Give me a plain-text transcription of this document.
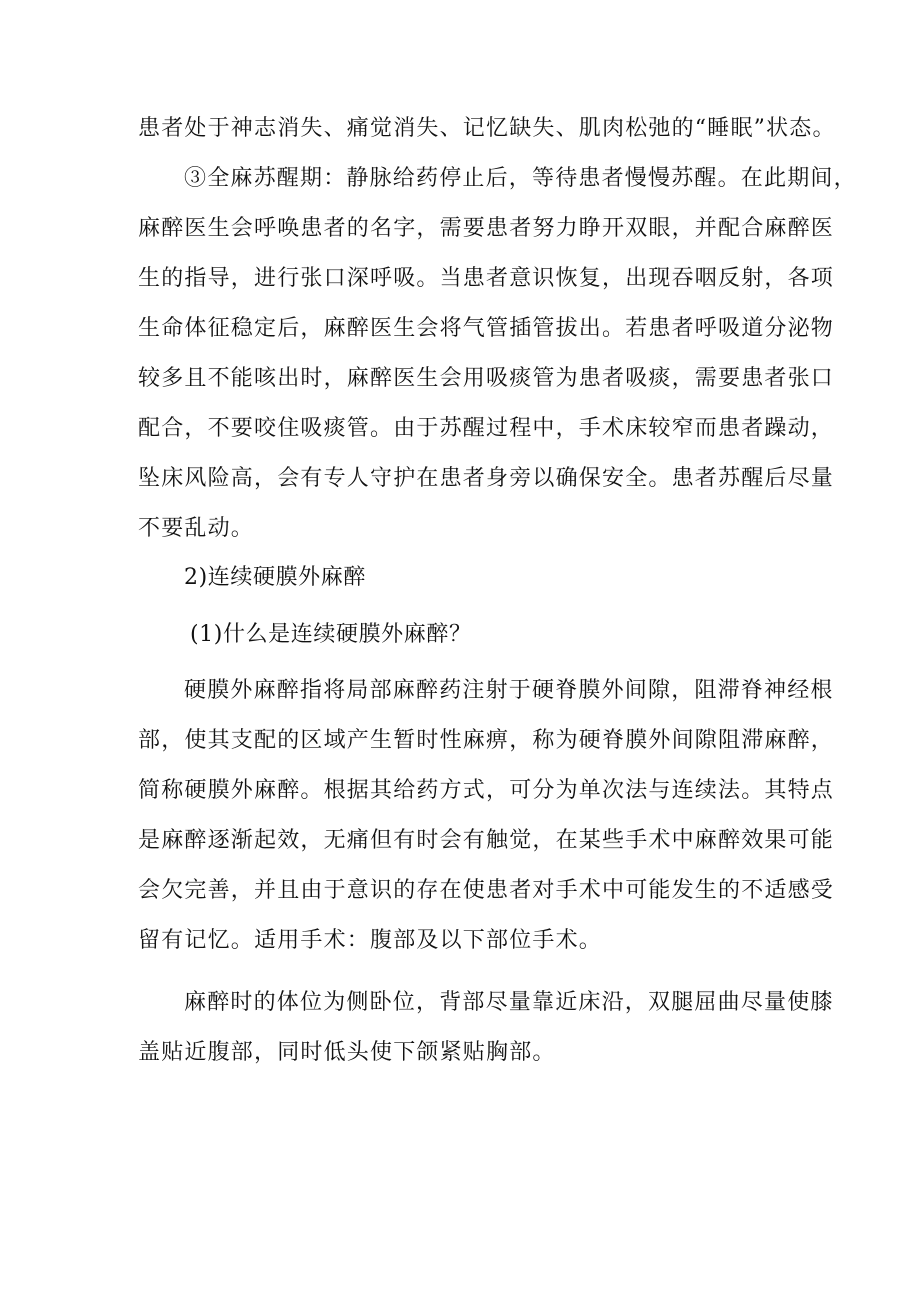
患者处于神志消失、痛觉消失、记忆缺失、肌肉松弛的“睡眠”状态。
③全麻苏醒期：静脉给药停止后，等待患者慢慢苏醒。在此期间，
麻醉医生会呼唤患者的名字，需要患者努力睁开双眼，并配合麻醉医
生的指导，进行张口深呼吸。当患者意识恢复，出现吞咽反射，各项
生命体征稳定后，麻醉医生会将气管插管拔出。若患者呼吸道分泌物
较多且不能咳出时，麻醉医生会用吸痰管为患者吸痰，需要患者张口
配合，不要咬住吸痰管。由于苏醒过程中，手术床较窄而患者躁动，
坠床风险高，会有专人守护在患者身旁以确保安全。患者苏醒后尽量
不要乱动。
2)连续硬膜外麻醉
(1)什么是连续硬膜外麻醉？
硬膜外麻醉指将局部麻醉药注射于硬脊膜外间隙，阻滞脊神经根
部，使其支配的区域产生暂时性麻痹，称为硬脊膜外间隙阻滞麻醉，
简称硬膜外麻醉。根据其给药方式，可分为单次法与连续法。其特点
是麻醉逐渐起效，无痛但有时会有触觉，在某些手术中麻醉效果可能
会欠完善，并且由于意识的存在使患者对手术中可能发生的不适感受
留有记忆。适用手术：腹部及以下部位手术。
麻醉时的体位为侧卧位，背部尽量靠近床沿，双腿屈曲尽量使膝
盖贴近腹部，同时低头使下颌紧贴胸部。
